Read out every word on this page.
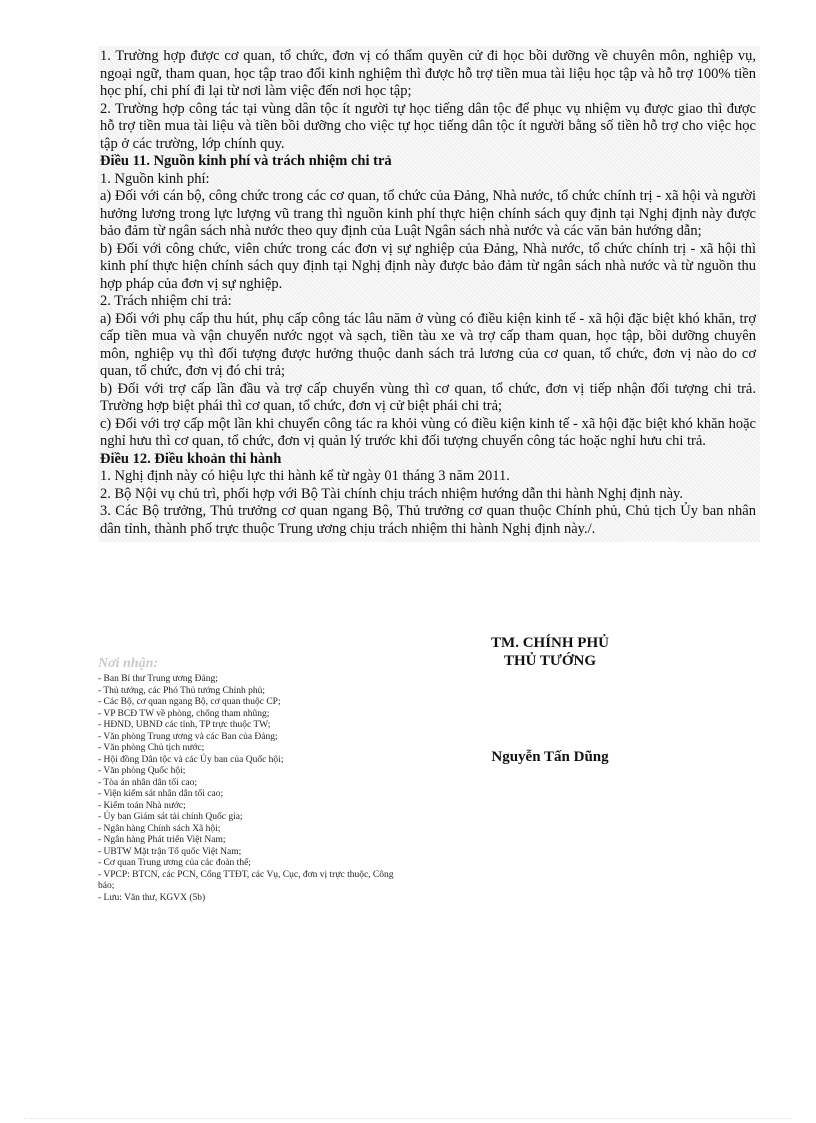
1. Trường hợp được cơ quan, tổ chức, đơn vị có thẩm quyền cử đi học bồi dưỡng về chuyên môn, nghiệp vụ, ngoại ngữ, tham quan, học tập trao đổi kinh nghiệm thì được hỗ trợ tiền mua tài liệu học tập và hỗ trợ 100% tiền học phí, chi phí đi lại từ nơi làm việc đến nơi học tập;

2. Trường hợp công tác tại vùng dân tộc ít người tự học tiếng dân tộc để phục vụ nhiệm vụ được giao thì được hỗ trợ tiền mua tài liệu và tiền bồi dưỡng cho việc tự học tiếng dân tộc ít người bằng số tiền hỗ trợ cho việc học tập ở các trường, lớp chính quy.

Điều 11. Nguồn kinh phí và trách nhiệm chi trả

1. Nguồn kinh phí:

a) Đối với cán bộ, công chức trong các cơ quan, tổ chức của Đảng, Nhà nước, tổ chức chính trị - xã hội và người hưởng lương trong lực lượng vũ trang thì nguồn kinh phí thực hiện chính sách quy định tại Nghị định này được bảo đảm từ ngân sách nhà nước theo quy định của Luật Ngân sách nhà nước và các văn bản hướng dẫn;

b) Đối với công chức, viên chức trong các đơn vị sự nghiệp của Đảng, Nhà nước, tổ chức chính trị - xã hội thì kinh phí thực hiện chính sách quy định tại Nghị định này được bảo đảm từ ngân sách nhà nước và từ nguồn thu hợp pháp của đơn vị sự nghiệp.

2. Trách nhiệm chi trả:

a) Đối với phụ cấp thu hút, phụ cấp công tác lâu năm ở vùng có điều kiện kinh tế - xã hội đặc biệt khó khăn, trợ cấp tiền mua và vận chuyển nước ngọt và sạch, tiền tàu xe và trợ cấp tham quan, học tập, bồi dưỡng chuyên môn, nghiệp vụ thì đối tượng được hưởng thuộc danh sách trả lương của cơ quan, tổ chức, đơn vị nào do cơ quan, tổ chức, đơn vị đó chi trả;

b) Đối với trợ cấp lần đầu và trợ cấp chuyển vùng thì cơ quan, tổ chức, đơn vị tiếp nhận đối tượng chi trả. Trường hợp biệt phái thì cơ quan, tổ chức, đơn vị cử biệt phái chi trả;

c) Đối với trợ cấp một lần khi chuyển công tác ra khỏi vùng có điều kiện kinh tế - xã hội đặc biệt khó khăn hoặc nghỉ hưu thì cơ quan, tổ chức, đơn vị quản lý trước khi đối tượng chuyển công tác hoặc nghỉ hưu chi trả.

Điều 12. Điều khoản thi hành

1. Nghị định này có hiệu lực thi hành kể từ ngày 01 tháng 3 năm 2011.

2. Bộ Nội vụ chủ trì, phối hợp với Bộ Tài chính chịu trách nhiệm hướng dẫn thi hành Nghị định này.

3. Các Bộ trưởng, Thủ trưởng cơ quan ngang Bộ, Thủ trưởng cơ quan thuộc Chính phủ, Chủ tịch Ủy ban nhân dân tỉnh, thành phố trực thuộc Trung ương chịu trách nhiệm thi hành Nghị định này./.

TM. CHÍNH PHỦ
THỦ TƯỚNG
Nguyễn Tấn Dũng
Nơi nhận:
- Ban Bí thư Trung ương Đảng;
- Thủ tướng, các Phó Thủ tướng Chính phủ;
- Các Bộ, cơ quan ngang Bộ, cơ quan thuộc CP;
- VP BCĐ TW về phòng, chống tham nhũng;
- HĐND, UBND các tỉnh, TP trực thuộc TW;
- Văn phòng Trung ương và các Ban của Đảng;
- Văn phòng Chủ tịch nước;
- Hội đồng Dân tộc và các Ủy ban của Quốc hội;
- Văn phòng Quốc hội;
- Tòa án nhân dân tối cao;
- Viện kiểm sát nhân dân tối cao;
- Kiểm toán Nhà nước;
- Ủy ban Giám sát tài chính Quốc gia;
- Ngân hàng Chính sách Xã hội;
- Ngân hàng Phát triển Việt Nam;
- UBTW Mặt trận Tổ quốc Việt Nam;
- Cơ quan Trung ương của các đoàn thể;
- VPCP: BTCN, các PCN, Cổng TTĐT, các Vụ, Cục, đơn vị trực thuộc, Công báo;
- Lưu: Văn thư, KGVX (5b)
